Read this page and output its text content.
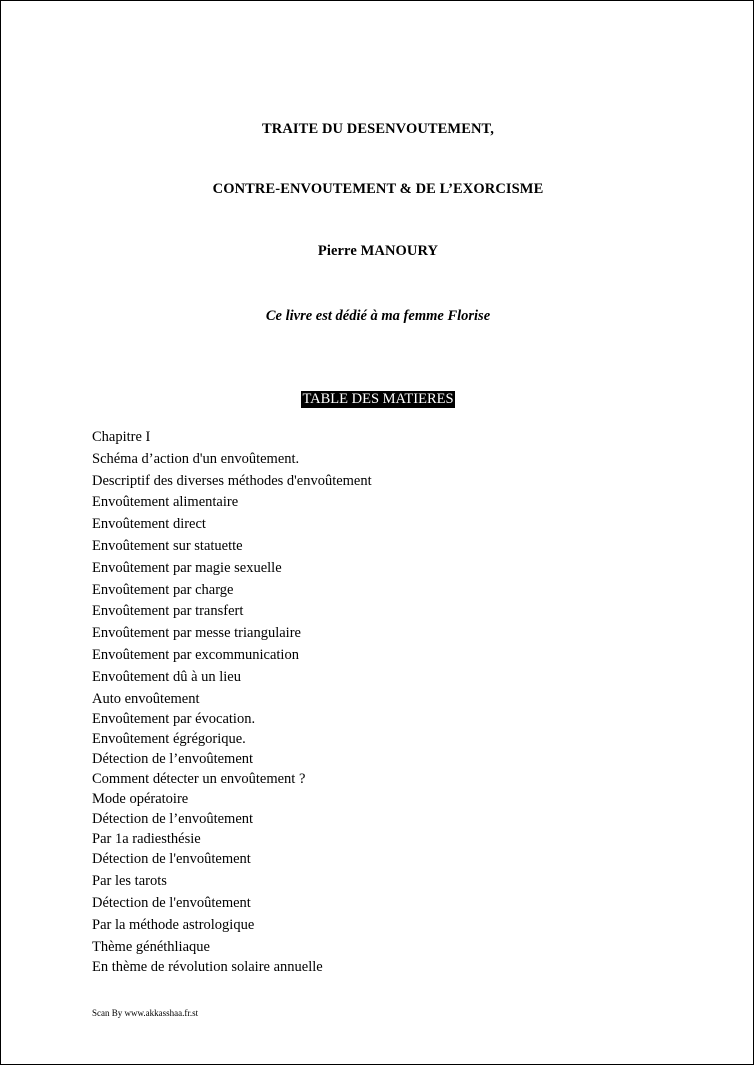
TRAITE DU DESENVOUTEMENT,
CONTRE-ENVOUTEMENT & DE L’EXORCISME
Pierre MANOURY
Ce livre est dédié à ma femme Florise
TABLE DES MATIERES
Chapitre I
Schéma d’action d'un envoûtement.
Descriptif des diverses méthodes d'envoûtement
Envoûtement alimentaire
Envoûtement direct
Envoûtement sur statuette
Envoûtement par magie sexuelle
Envoûtement par charge
Envoûtement par transfert
Envoûtement par messe triangulaire
Envoûtement par excommunication
Envoûtement dû à un lieu
Auto envoûtement
Envoûtement par évocation.
Envoûtement égrégorique.
Détection de l’envoûtement
Comment détecter un envoûtement ?
Mode opératoire
Détection de l’envoûtement
Par 1a radiesthésie
Détection de l'envoûtement
Par les tarots
Détection de l'envoûtement
Par la méthode astrologique
Thème généthliaque
En thème de révolution solaire annuelle
Scan By www.akkasshaa.fr.st
